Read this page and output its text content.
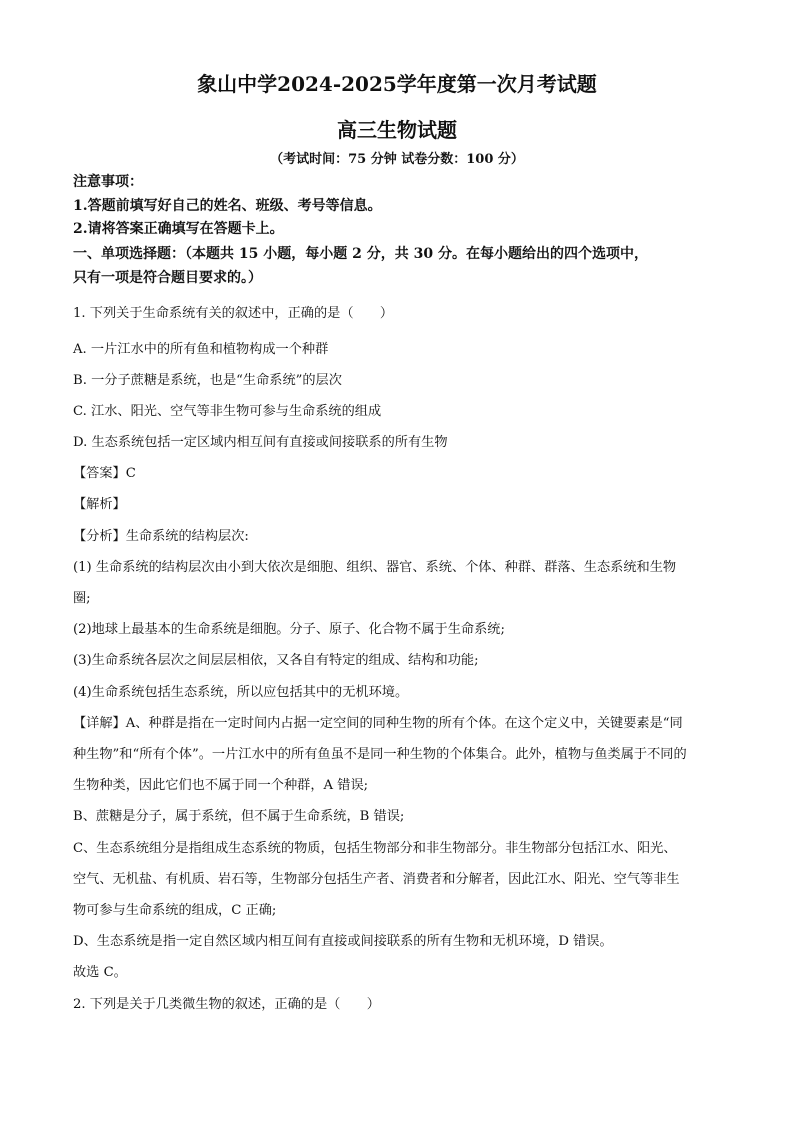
象山中学2024-2025学年度第一次月考试题
高三生物试题
（考试时间：75 分钟 试卷分数：100 分）
注意事项：
1.答题前填写好自己的姓名、班级、考号等信息。
2.请将答案正确填写在答题卡上。
一、单项选择题：（本题共 15 小题，每小题 2 分，共 30 分。在每小题给出的四个选项中，
只有一项是符合题目要求的。）
1. 下列关于生命系统有关的叙述中，正确的是（　　）
A. 一片江水中的所有鱼和植物构成一个种群
B. 一分子蔗糖是系统，也是“生命系统”的层次
C. 江水、阳光、空气等非生物可参与生命系统的组成
D. 生态系统包括一定区域内相互间有直接或间接联系的所有生物
【答案】C
【解析】
【分析】生命系统的结构层次:
(1) 生命系统的结构层次由小到大依次是细胞、组织、器官、系统、个体、种群、群落、生态系统和生物
圈;
(2)地球上最基本的生命系统是细胞。分子、原子、化合物不属于生命系统;
(3)生命系统各层次之间层层相依，又各自有特定的组成、结构和功能;
(4)生命系统包括生态系统，所以应包括其中的无机环境。
【详解】A、种群是指在一定时间内占据一定空间的同种生物的所有个体。在这个定义中，关键要素是“同
种生物”和“所有个体”。一片江水中的所有鱼虽不是同一种生物的个体集合。此外，植物与鱼类属于不同的
生物种类，因此它们也不属于同一个种群，A 错误;
B、蔗糖是分子，属于系统，但不属于生命系统，B 错误;
C、生态系统组分是指组成生态系统的物质，包括生物部分和非生物部分。非生物部分包括江水、阳光、
空气、无机盐、有机质、岩石等，生物部分包括生产者、消费者和分解者，因此江水、阳光、空气等非生
物可参与生命系统的组成，C 正确;
D、生态系统是指一定自然区域内相互间有直接或间接联系的所有生物和无机环境，D 错误。
故选 C。
2. 下列是关于几类微生物的叙述，正确的是（　　）
